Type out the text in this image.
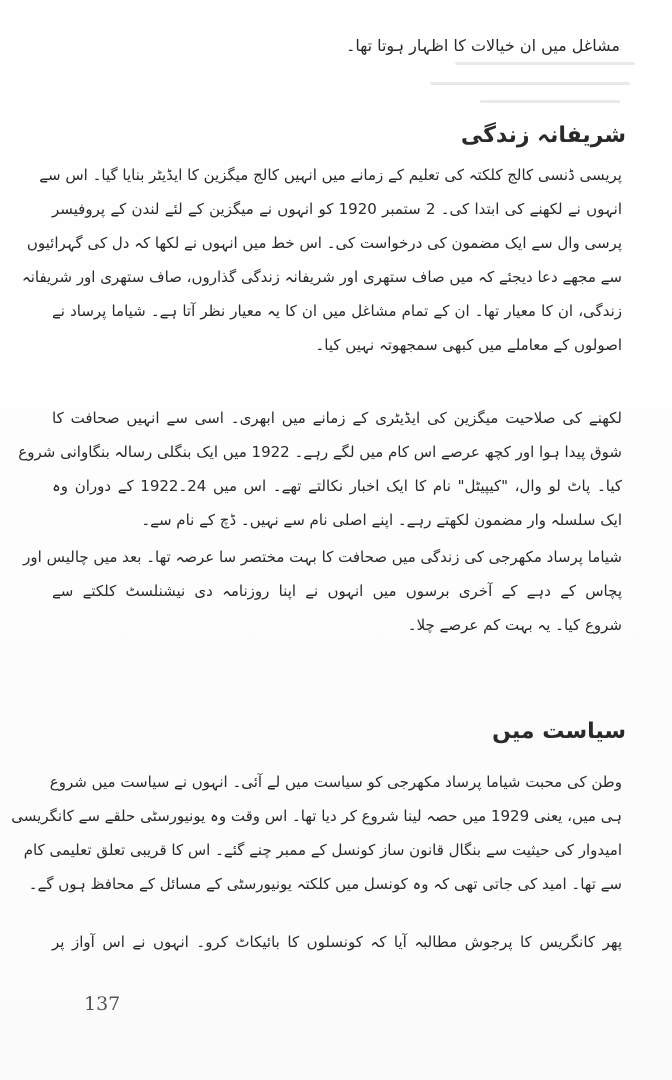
مشاغل میں ان خیالات کا اظہار ہوتا تھا۔
شریفانہ زندگی
پریسی ڈنسی کالج کلکتہ کی تعلیم کے زمانے میں انہیں کالج میگزین کا ایڈیٹر بنایا گیا۔ اس سے
انہوں نے لکھنے کی ابتدا کی۔ 2 ستمبر 1920 کو انہوں نے میگزین کے لئے لندن کے پروفیسر
پرسی وال سے ایک مضمون کی درخواست کی۔ اس خط میں انہوں نے لکھا کہ دل کی گہرائیوں
سے مجھے دعا دیجئے کہ میں صاف ستھری اور شریفانہ زندگی گذاروں، صاف ستھری اور شریفانہ
زندگی، ان کا معیار تھا۔ ان کے تمام مشاغل میں ان کا یہ معیار نظر آتا ہے۔ شیاما پرساد نے
اصولوں کے معاملے میں کبھی سمجھوتہ نہیں کیا۔
لکھنے کی صلاحیت میگزین کی ایڈیٹری کے زمانے میں ابھری۔ اسی سے انہیں صحافت کا
شوق پیدا ہوا اور کچھ عرصے اس کام میں لگے رہے۔ 1922 میں ایک بنگلی رسالہ بنگاوانی شروع
کیا۔ پاٹ لو وال، "کیپیٹل" نام کا ایک اخبار نکالتے تھے۔ اس میں 24۔1922 کے دوران وہ
ایک سلسلہ وار مضمون لکھتے رہے۔ اپنے اصلی نام سے نہیں۔ ڈچ کے نام سے۔
شیاما پرساد مکھرجی کی زندگی میں صحافت کا بہت مختصر سا عرصہ تھا۔ بعد میں چالیس اور
پچاس کے دہے کے آخری برسوں میں انہوں نے اپنا روزنامہ دی نیشنلسٹ کلکتے سے
شروع کیا۔ یہ بہت کم عرصے چلا۔
سیاست میں
وطن کی محبت شیاما پرساد مکھرجی کو سیاست میں لے آئی۔ انہوں نے سیاست میں شروع
ہی میں، یعنی 1929 میں حصہ لینا شروع کر دیا تھا۔ اس وقت وہ یونیورسٹی حلقے سے کانگریسی
امیدوار کی حیثیت سے بنگال قانون ساز کونسل کے ممبر چنے گئے۔ اس کا قریبی تعلق تعلیمی کام
سے تھا۔ امید کی جاتی تھی کہ وہ کونسل میں کلکتہ یونیورسٹی کے مسائل کے محافظ ہوں گے۔
پھر کانگریس کا پرجوش مطالبہ آیا کہ کونسلوں کا بائیکاٹ کرو۔ انہوں نے اس آواز پر
137
